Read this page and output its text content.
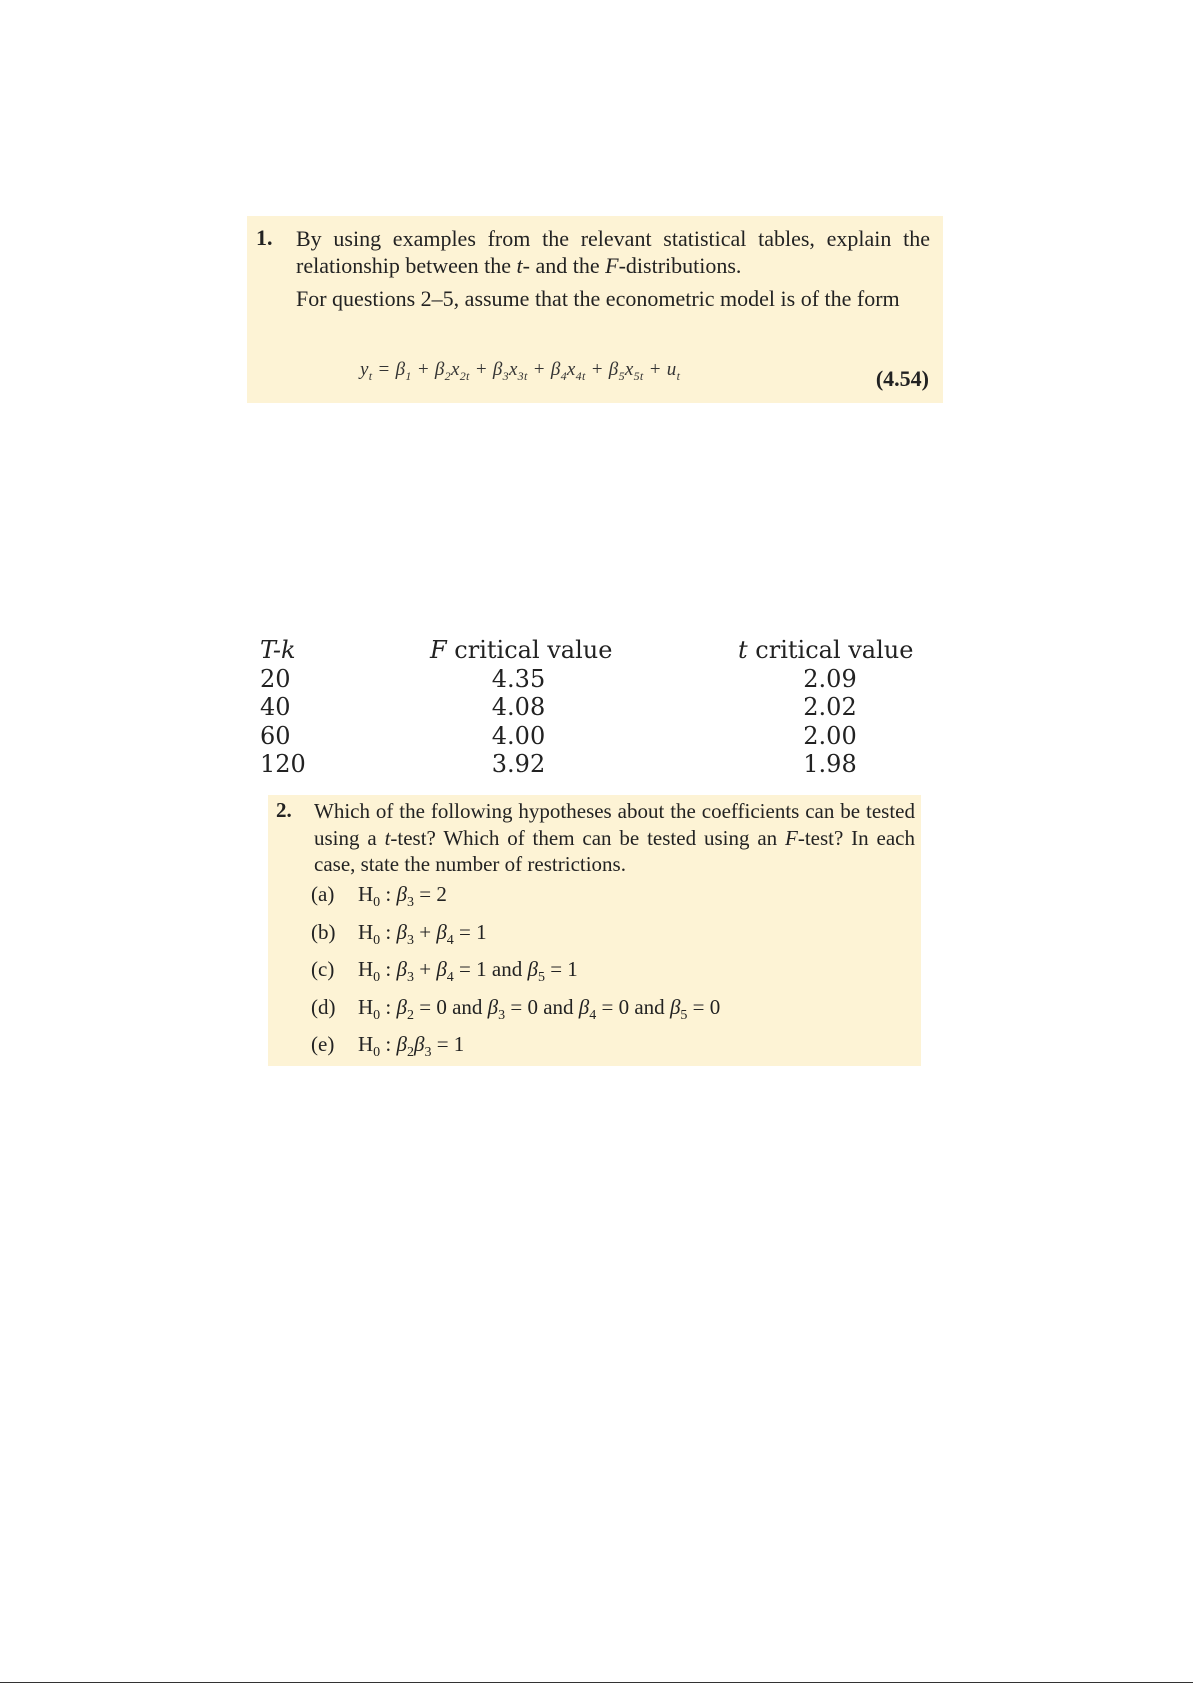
1. By using examples from the relevant statistical tables, explain the relationship between the t- and the F-distributions.
For questions 2–5, assume that the econometric model is of the form
$y_t = \beta_1 + \beta_2x_{2t} + \beta_3x_{3t} + \beta_4x_{4t} + \beta_5x_{5t} + u_t$	(4.54)
T-k	F critical value	t critical value
20	4.35	2.09
40	4.08	2.02
60	4.00	2.00
120	3.92	1.98
2. Which of the following hypotheses about the coefficients can be tested using a t-test? Which of them can be tested using an F-test? In each case, state the number of restrictions.
(a) $H_0$ : $\beta_3 = 2$
(b) $H_0$ : $\beta_3 + \beta_4 = 1$
(c) $H_0$ : $\beta_3 + \beta_4 = 1$ and $\beta_5 = 1$
(d) $H_0$ : $\beta_2 = 0$ and $\beta_3 = 0$ and $\beta_4 = 0$ and $\beta_5 = 0$
(e) $H_0$ : $\beta_2\beta_3 = 1$
